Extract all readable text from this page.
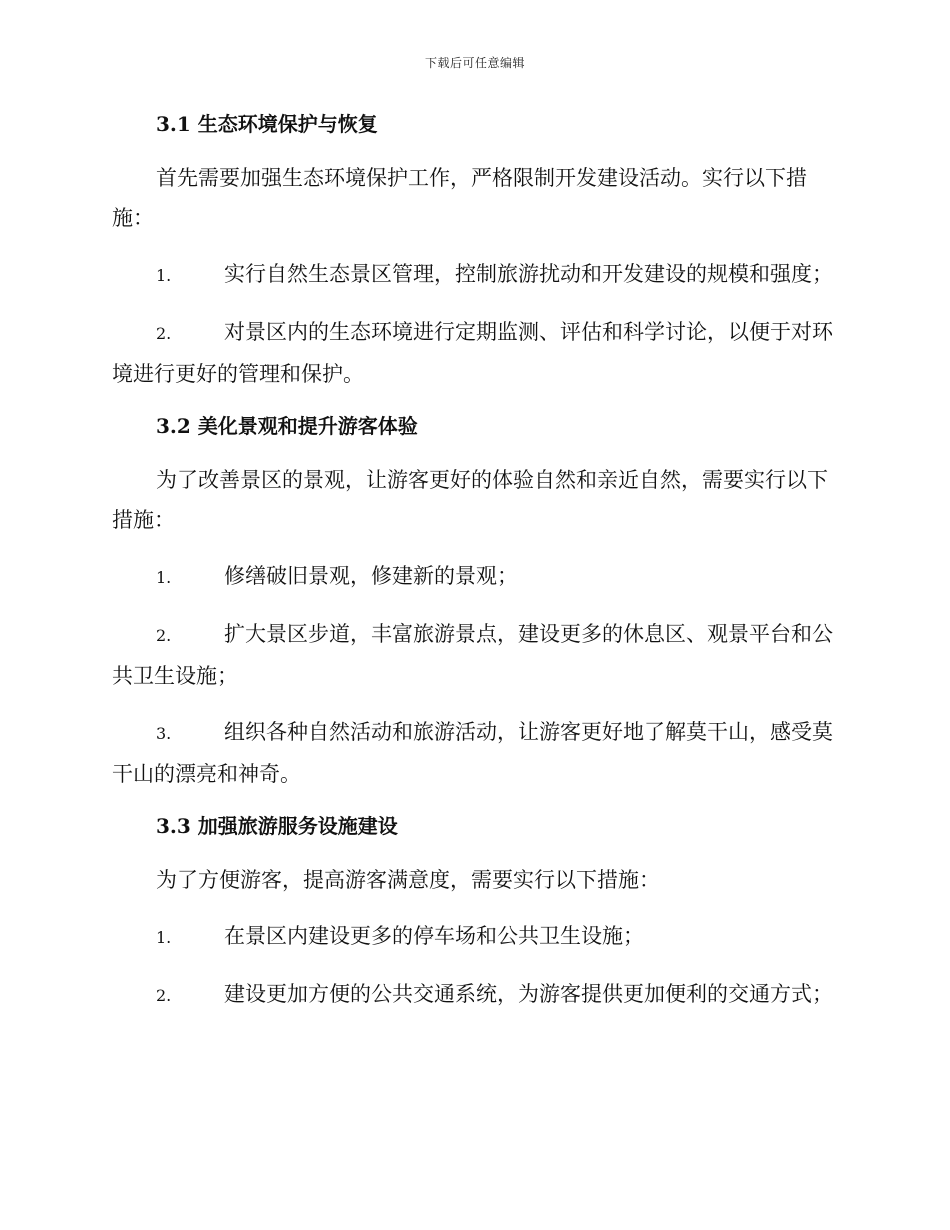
下载后可任意编辑
3.1 生态环境保护与恢复

首先需要加强生态环境保护工作，严格限制开发建设活动。实行以下措施：

1.	实行自然生态景区管理，控制旅游扰动和开发建设的规模和强度；

2.	对景区内的生态环境进行定期监测、评估和科学讨论，以便于对环境进行更好的管理和保护。

3.2 美化景观和提升游客体验

为了改善景区的景观，让游客更好的体验自然和亲近自然，需要实行以下措施：

1.	修缮破旧景观，修建新的景观；

2.	扩大景区步道，丰富旅游景点，建设更多的休息区、观景平台和公共卫生设施；

3.	组织各种自然活动和旅游活动，让游客更好地了解莫干山，感受莫干山的漂亮和神奇。

3.3 加强旅游服务设施建设

为了方便游客，提高游客满意度，需要实行以下措施：

1.	在景区内建设更多的停车场和公共卫生设施；

2.	建设更加方便的公共交通系统，为游客提供更加便利的交通方式；
